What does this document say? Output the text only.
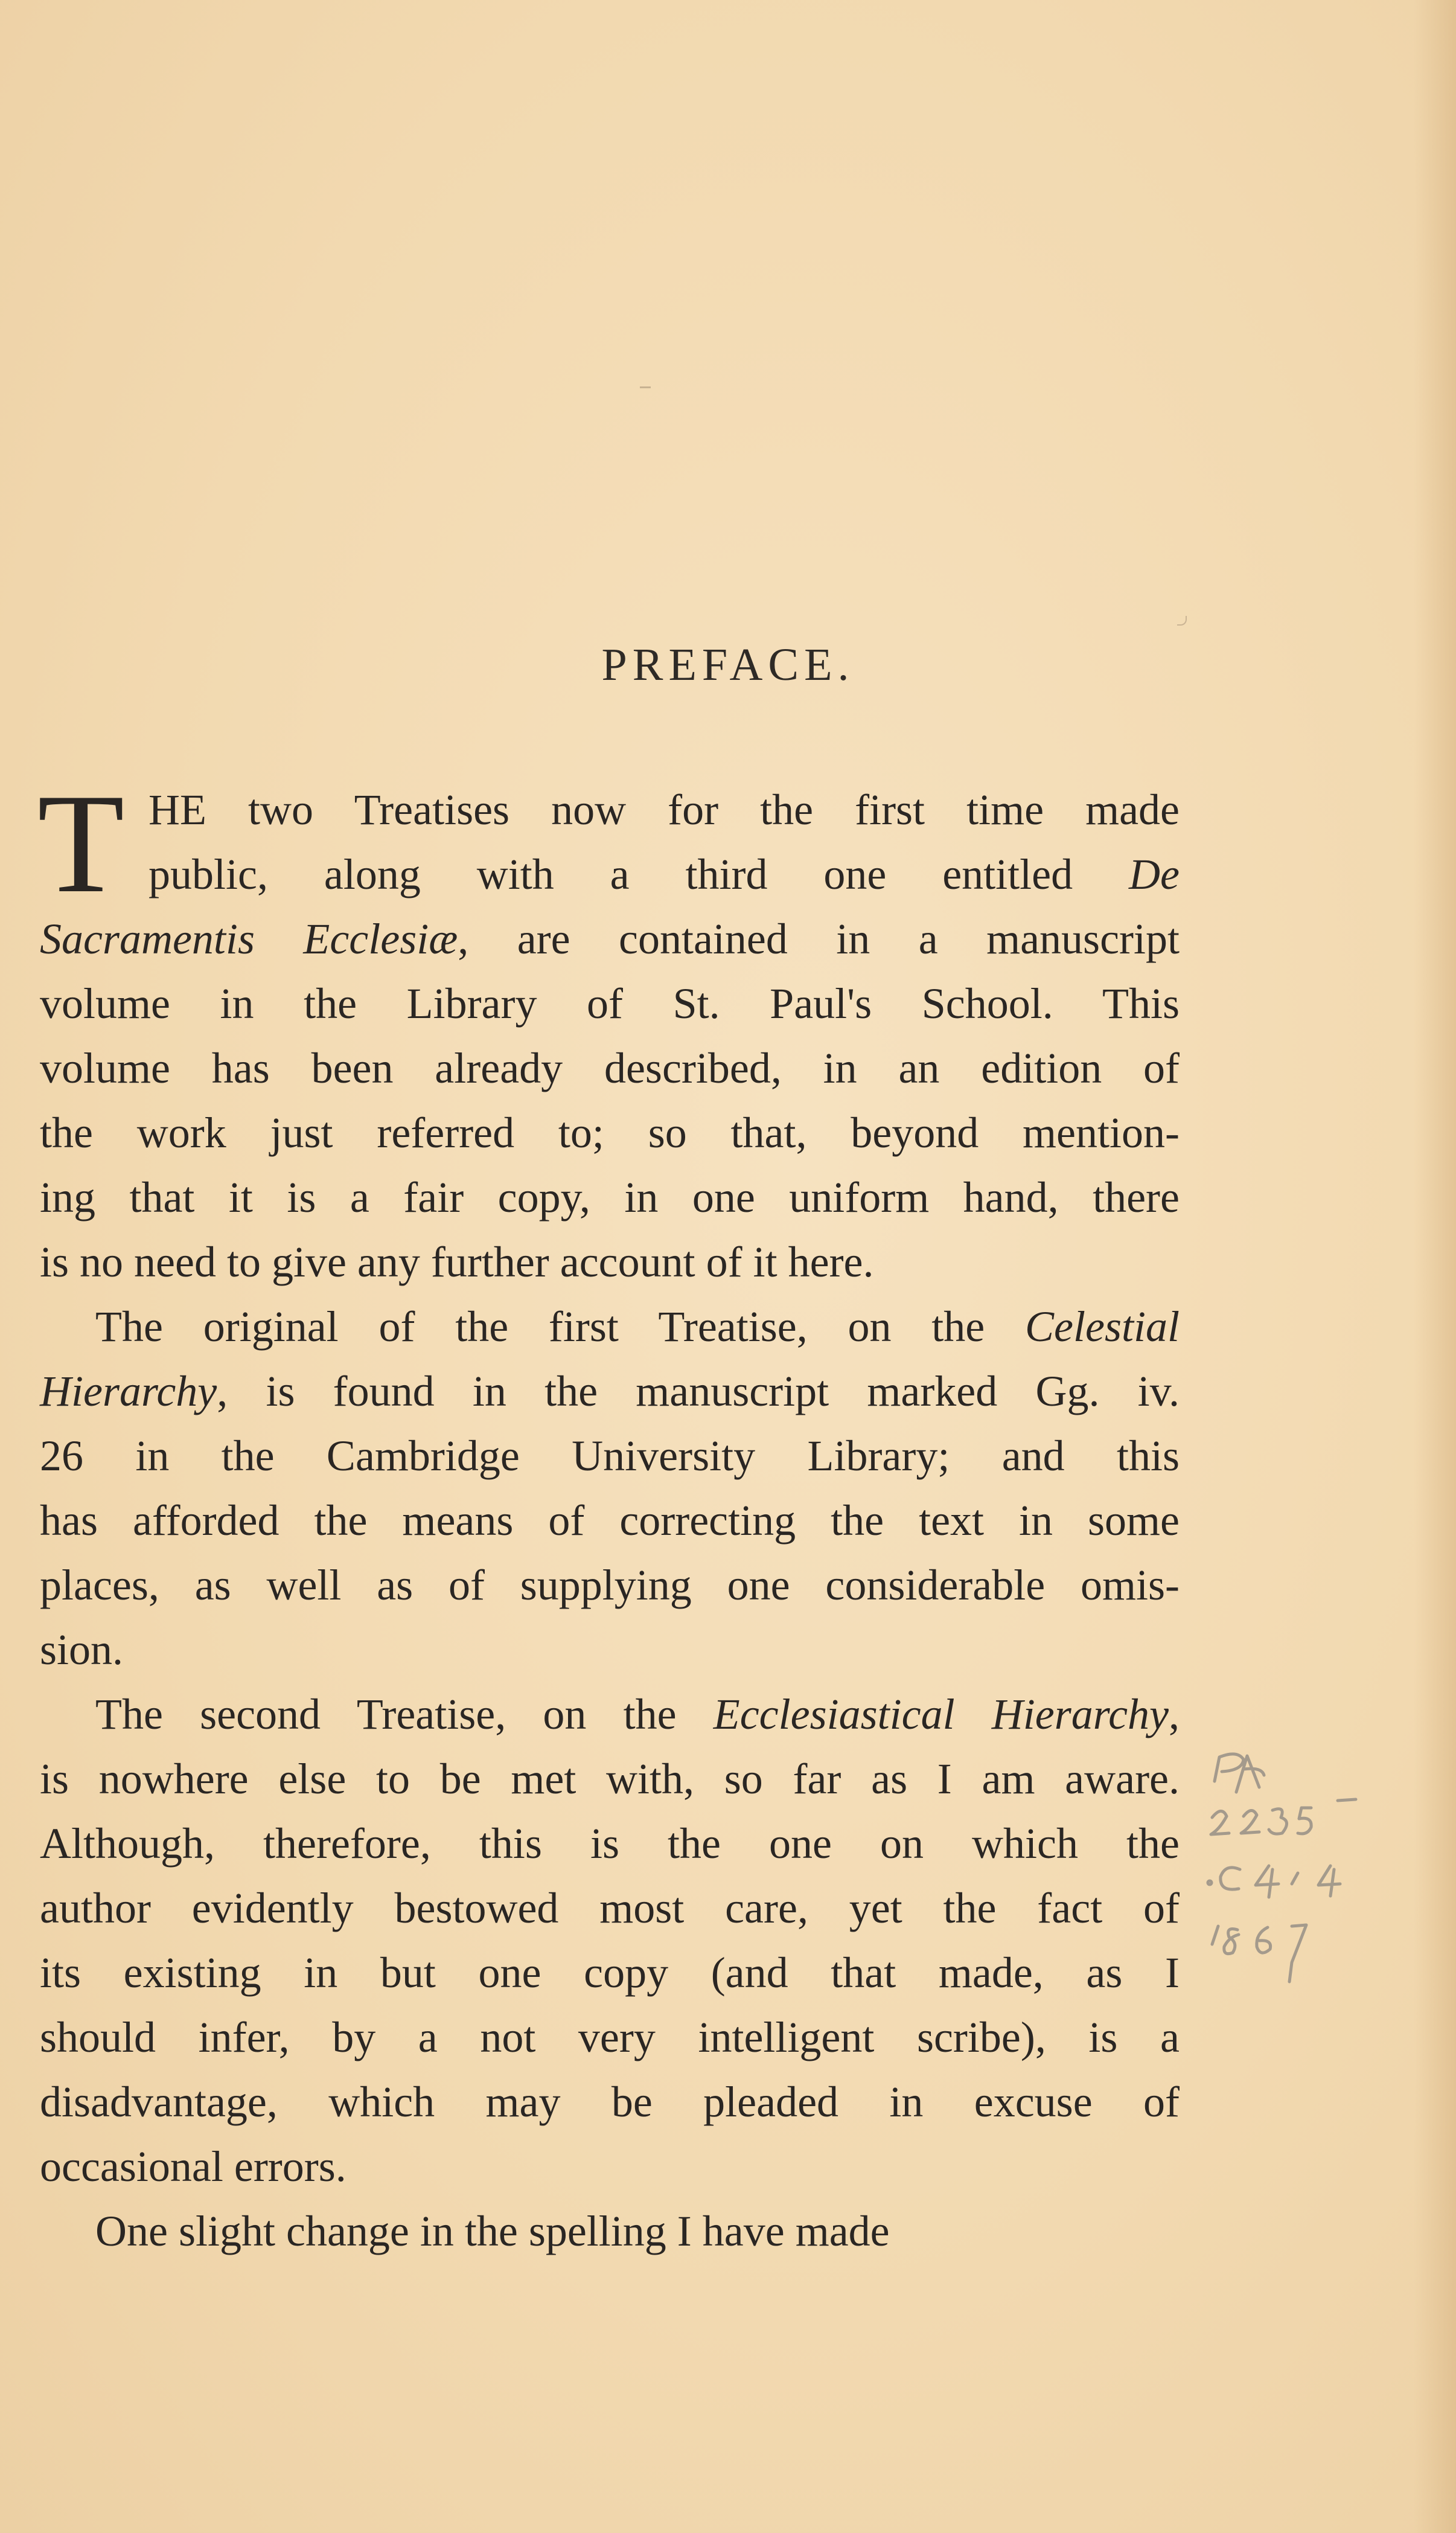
PREFACE.
T HE two Treatises now for the first time made
public, along with a third one entitled De
Sacramentis Ecclesiæ, are contained in a manuscript
volume in the Library of St. Paul's School. This
volume has been already described, in an edition of
the work just referred to; so that, beyond mention-
ing that it is a fair copy, in one uniform hand, there
is no need to give any further account of it here.
The original of the first Treatise, on the Celestial
Hierarchy, is found in the manuscript marked Gg. iv.
26 in the Cambridge University Library; and this
has afforded the means of correcting the text in some
places, as well as of supplying one considerable omis-
sion.
The second Treatise, on the Ecclesiastical Hierarchy,
is nowhere else to be met with, so far as I am aware.
Although, therefore, this is the one on which the
author evidently bestowed most care, yet the fact of
its existing in but one copy (and that made, as I
should infer, by a not very intelligent scribe), is a
disadvantage, which may be pleaded in excuse of
occasional errors.
One slight change in the spelling I have made
